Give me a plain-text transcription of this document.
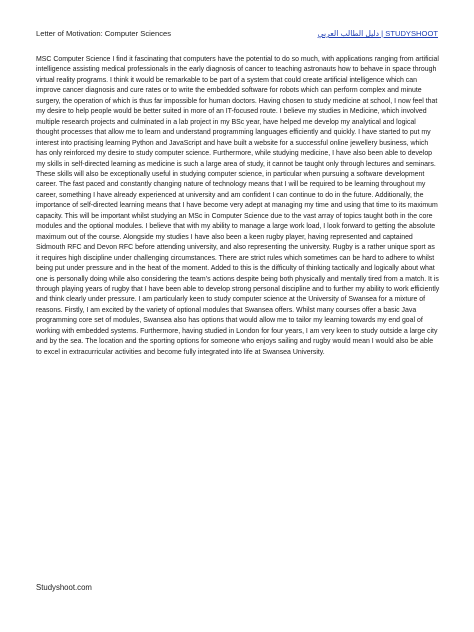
Letter of Motivation: Computer Sciences	دليل الطالب العربي | STUDYSHOOT

MSC Computer Science I find it fascinating that computers have the potential to do so much, with applications ranging from artificial intelligence assisting medical professionals in the early diagnosis of cancer to teaching astronauts how to behave in space through virtual reality programs. I think it would be remarkable to be part of a system that could create artificial intelligence which can improve cancer diagnosis and cure rates or to write the embedded software for robots which can perform complex and minute surgery, the operation of which is thus far impossible for human doctors. Having chosen to study medicine at school, I now feel that my desire to help people would be better suited in more of an IT-focused route. I believe my studies in Medicine, which involved multiple research projects and culminated in a lab project in my BSc year, have helped me develop my analytical and logical thought processes that allow me to learn and understand programming languages efficiently and quickly. I have started to put my interest into practising learning Python and JavaScript and have built a website for a successful online jewellery business, which has only reinforced my desire to study computer science. Furthermore, while studying medicine, I have also been able to develop my skills in self-directed learning as medicine is such a large area of study, it cannot be taught only through lectures and seminars. These skills will also be exceptionally useful in studying computer science, in particular when pursuing a software development career. The fast paced and constantly changing nature of technology means that I will be required to be learning throughout my career, something I have already experienced at university and am confident I can continue to do in the future. Additionally, the importance of self-directed learning means that I have become very adept at managing my time and using that time to its maximum capacity. This will be important whilst studying an MSc in Computer Science due to the vast array of topics taught both in the core modules and the optional modules. I believe that with my ability to manage a large work load, I look forward to getting the absolute maximum out of the course. Alongside my studies I have also been a keen rugby player, having represented and captained Sidmouth RFC and Devon RFC before attending university, and also representing the university. Rugby is a rather unique sport as it requires high discipline under challenging circumstances. There are strict rules which sometimes can be hard to adhere to whilst being put under pressure and in the heat of the moment. Added to this is the difficulty of thinking tactically and logically about what one is personally doing while also considering the team’s actions despite being both physically and mentally tired from a match. It is through playing years of rugby that I have been able to develop strong personal discipline and to further my ability to work efficiently and think clearly under pressure. I am particularly keen to study computer science at the University of Swansea for a mixture of reasons. Firstly, I am excited by the variety of optional modules that Swansea offers. Whilst many courses offer a basic Java programming core set of modules, Swansea also has options that would allow me to tailor my learning towards my end goal of working with embedded systems. Furthermore, having studied in London for four years, I am very keen to study outside a large city and by the sea. The location and the sporting options for someone who enjoys sailing and rugby would mean I would also be able to excel in extracurricular activities and become fully integrated into life at Swansea University.

Studyshoot.com
